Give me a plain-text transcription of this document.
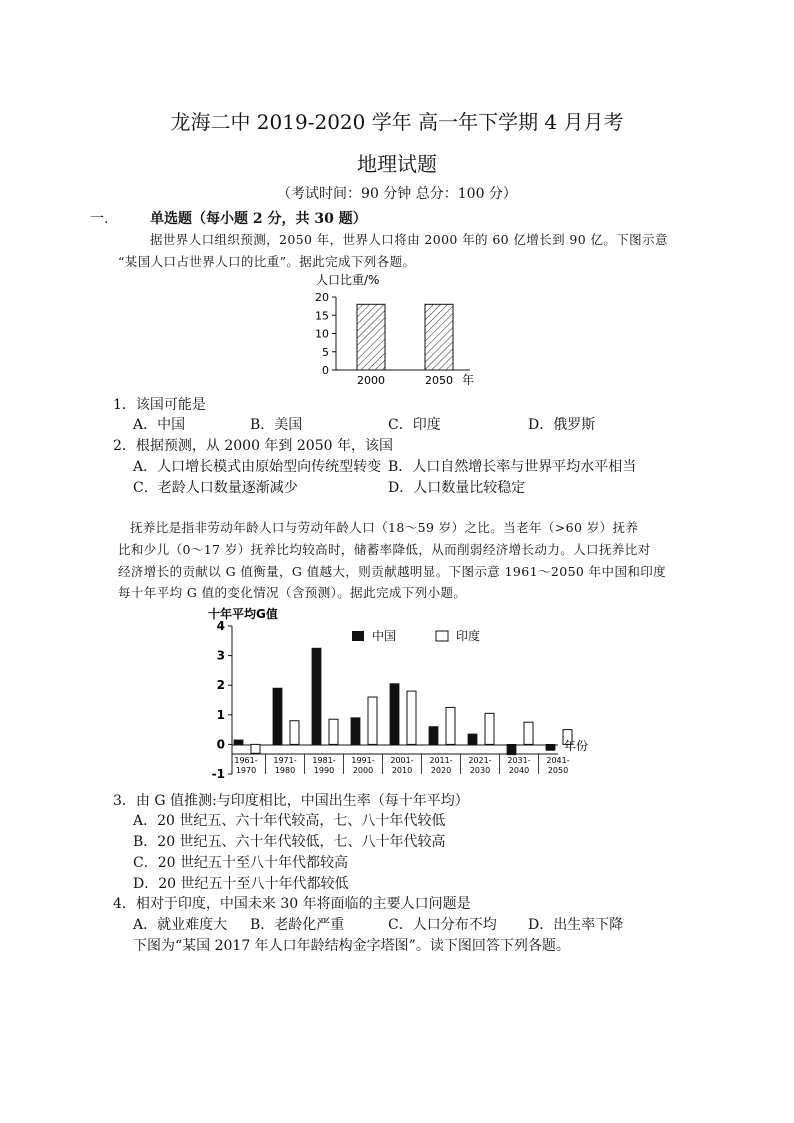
龙海二中 2019-2020 学年 高一年下学期 4 月月考
地理试题
（考试时间：90 分钟 总分：100 分）
一.	单选题（每小题 2 分，共 30 题）
据世界人口组织预测，2050 年，世界人口将由 2000 年的 60 亿增长到 90 亿。下图示意
“某国人口占世界人口的比重”。据此完成下列各题。
人口比重/%
20
15
10
5
0
2000	2050 年
1．该国可能是
A．中国	B．美国	C．印度	D．俄罗斯
2．根据预测，从 2000 年到 2050 年，该国
A．人口增长模式由原始型向传统型转变 B．人口自然增长率与世界平均水平相当
C．老龄人口数量逐渐减少	D．人口数量比较稳定
抚养比是指非劳动年龄人口与劳动年龄人口（18～59 岁）之比。当老年（>60 岁）抚养
比和少儿（0～17 岁）抚养比均较高时，储蓄率降低，从而削弱经济增长动力。人口抚养比对
经济增长的贡献以 G 值衡量，G 值越大，则贡献越明显。下图示意 1961～2050 年中国和印度
每十年平均 G 值的变化情况（含预测）。据此完成下列小题。
十年平均G值
4
3
2
1
0
-1
1961-
1970
1971-
1980
1981-
1990
1991-
2000
2001-
2010
2011-
2020
2021-
2030
2031-
2040
2041-
2050
中国	印度
年份
3．由 G 值推测:与印度相比，中国出生率（每十年平均）
A．20 世纪五、六十年代较高，七、八十年代较低
B．20 世纪五、六十年代较低，七、八十年代较高
C．20 世纪五十至八十年代都较高
D．20 世纪五十至八十年代都较低
4．相对于印度，中国未来 30 年将面临的主要人口问题是
A．就业难度大 B．老龄化严重	C．人口分布不均 D．出生率下降
下图为“某国 2017 年人口年龄结构金字塔图”。读下图回答下列各题。
